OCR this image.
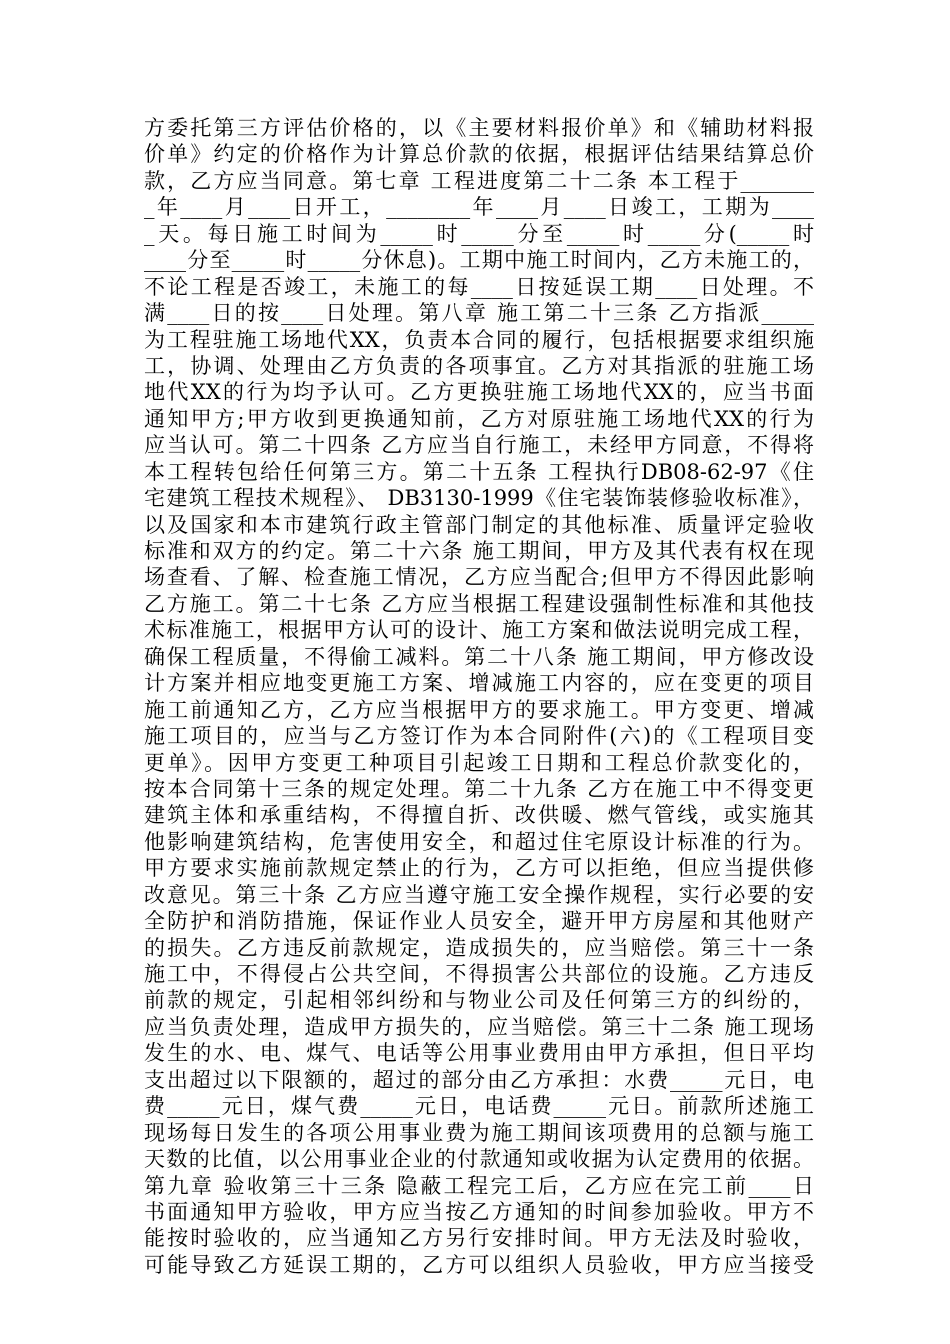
方委托第三方评估价格的，以《主要材料报价单》和《辅助材料报
价单》约定的价格作为计算总价款的依据，根据评估结果结算总价
款，乙方应当同意。第七章 工程进度第二十二条 本工程于_______
_年____月____日开工，________年____月____日竣工，工期为____
_天。每日施工时间为_____时_____分至_____时_____分(_____时
____分至_____时_____分休息)。工期中施工时间内，乙方未施工的，
不论工程是否竣工，未施工的每____日按延误工期____日处理。不
满____日的按____日处理。第八章 施工第二十三条 乙方指派_____
为工程驻施工场地代XX，负责本合同的履行，包括根据要求组织施
工，协调、处理由乙方负责的各项事宜。乙方对其指派的驻施工场
地代XX的行为均予认可。乙方更换驻施工场地代XX的，应当书面
通知甲方;甲方收到更换通知前，乙方对原驻施工场地代XX的行为
应当认可。第二十四条 乙方应当自行施工，未经甲方同意，不得将
本工程转包给任何第三方。第二十五条 工程执行DB08-62-97《住
宅建筑工程技术规程》、 DB3130-1999《住宅装饰装修验收标准》，
以及国家和本市建筑行政主管部门制定的其他标准、质量评定验收
标准和双方的约定。第二十六条 施工期间，甲方及其代表有权在现
场查看、了解、检查施工情况，乙方应当配合;但甲方不得因此影响
乙方施工。第二十七条 乙方应当根据工程建设强制性标准和其他技
术标准施工，根据甲方认可的设计、施工方案和做法说明完成工程，
确保工程质量，不得偷工减料。第二十八条 施工期间，甲方修改设
计方案并相应地变更施工方案、增减施工内容的，应在变更的项目
施工前通知乙方，乙方应当根据甲方的要求施工。甲方变更、增减
施工项目的，应当与乙方签订作为本合同附件(六)的《工程项目变
更单》。因甲方变更工种项目引起竣工日期和工程总价款变化的，
按本合同第十三条的规定处理。第二十九条 乙方在施工中不得变更
建筑主体和承重结构，不得擅自折、改供暖、燃气管线，或实施其
他影响建筑结构，危害使用安全，和超过住宅原设计标准的行为。
甲方要求实施前款规定禁止的行为，乙方可以拒绝，但应当提供修
改意见。第三十条 乙方应当遵守施工安全操作规程，实行必要的安
全防护和消防措施，保证作业人员安全，避开甲方房屋和其他财产
的损失。乙方违反前款规定，造成损失的，应当赔偿。第三十一条
施工中，不得侵占公共空间，不得损害公共部位的设施。乙方违反
前款的规定，引起相邻纠纷和与物业公司及任何第三方的纠纷的，
应当负责处理，造成甲方损失的，应当赔偿。第三十二条 施工现场
发生的水、电、煤气、电话等公用事业费用由甲方承担，但日平均
支出超过以下限额的，超过的部分由乙方承担：水费_____元日，电
费_____元日，煤气费_____元日，电话费_____元日。前款所述施工
现场每日发生的各项公用事业费为施工期间该项费用的总额与施工
天数的比值，以公用事业企业的付款通知或收据为认定费用的依据。
第九章 验收第三十三条 隐蔽工程完工后，乙方应在完工前____日
书面通知甲方验收，甲方应当按乙方通知的时间参加验收。甲方不
能按时验收的，应当通知乙方另行安排时间。甲方无法及时验收，
可能导致乙方延误工期的，乙方可以组织人员验收，甲方应当接受
